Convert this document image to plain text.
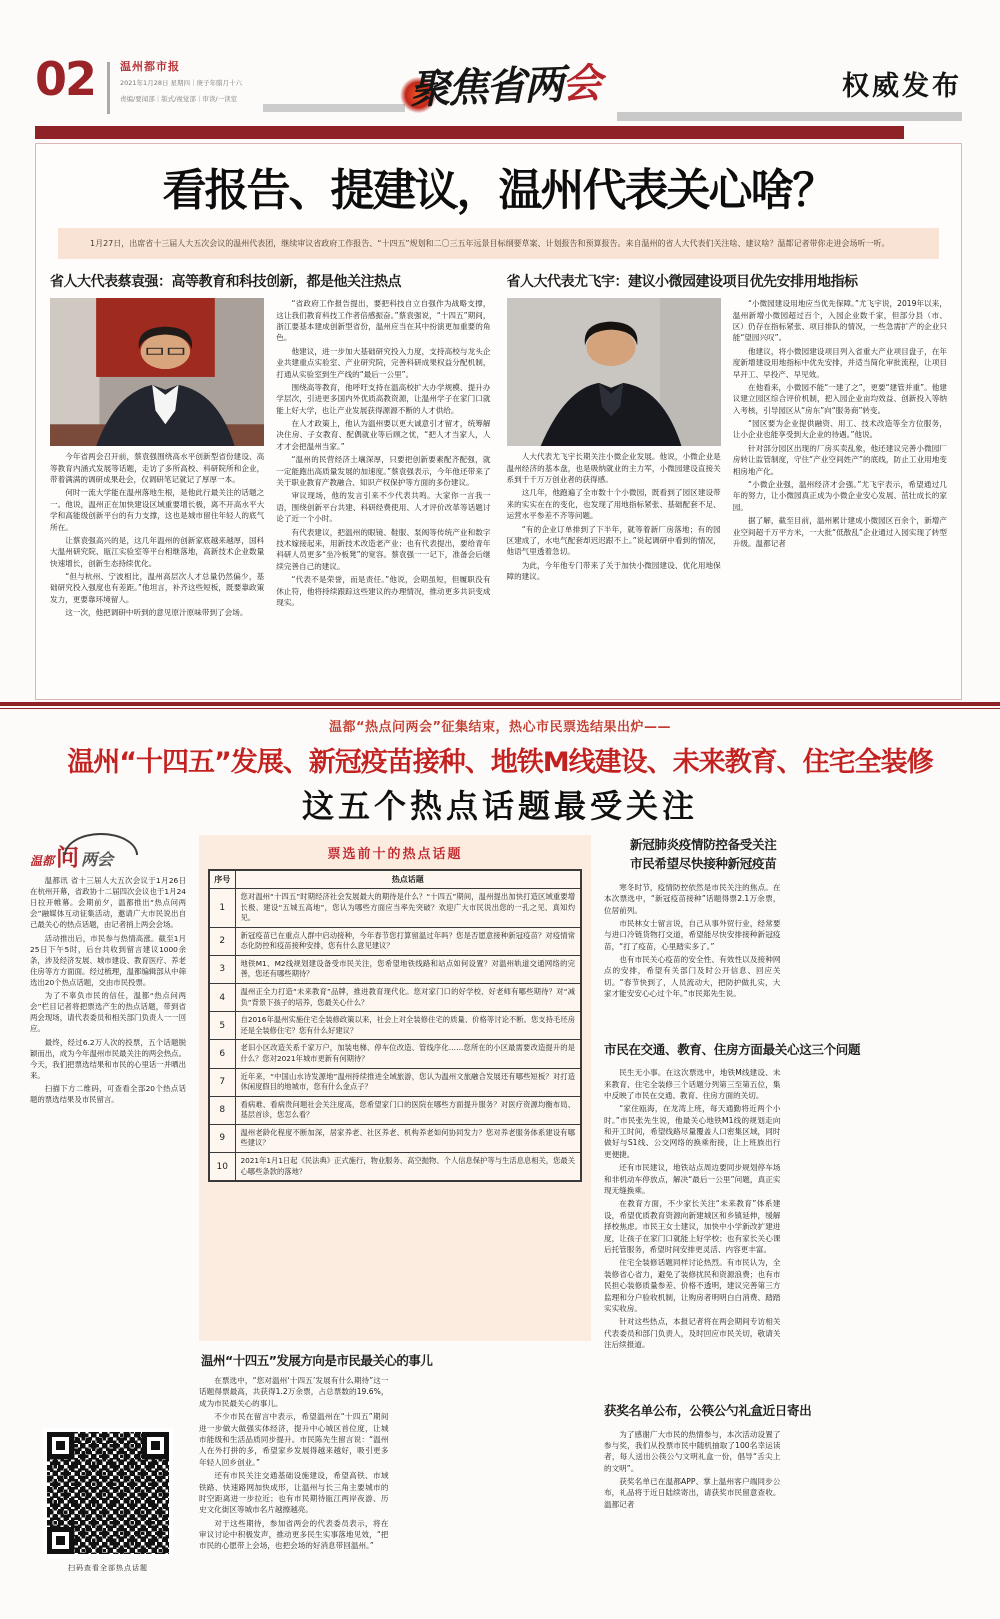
02 温州都市报
2021年1月28日 星期四｜庚子年腊月十六
责编/要闻部｜版式/视觉部｜审读/一读室	权威发布
聚焦省两会
看报告、提建议，温州代表关心啥？
1月27日，出席省十三届人大五次会议的温州代表团，继续审议省政府工作报告、“十四五”规划和二〇三五年远景目标纲要草案、计划报告和预算报告。来自温州的省人大代表们关注啥、建议啥？温都记者带你走进会场听一听。
省人大代表蔡袁强：高等教育和科技创新，都是他关注热点

今年省两会召开前，蔡袁强围绕高水平创新型省份建设、高等教育内涵式发展等话题，走访了多所高校、科研院所和企业，带着满满的调研成果赴会，仅调研笔记就记了厚厚一本。

何时一流大学能在温州落地生根，是他此行最关注的话题之一。他说，温州正在加快建设区域重要增长极，离不开高水平大学和高能级创新平台的有力支撑，这也是城市留住年轻人的底气所在。

让蔡袁强高兴的是，这几年温州的创新家底越来越厚，国科大温州研究院、瓯江实验室等平台相继落地，高新技术企业数量快速增长，创新生态持续优化。

“但与杭州、宁波相比，温州高层次人才总量仍然偏少，基础研究投入强度也有差距。”他坦言，补齐这些短板，既要靠政策发力，更要靠环境留人。

这一次，他把调研中听到的意见原汁原味带到了会场。

“省政府工作报告提出，要把科技自立自强作为战略支撑，这让我们教育科技工作者倍感振奋。”蔡袁强说，“十四五”期间，浙江要基本建成创新型省份，温州应当在其中扮演更加重要的角色。

他建议，进一步加大基础研究投入力度，支持高校与龙头企业共建重点实验室、产业研究院，完善科研成果权益分配机制，打通从实验室到生产线的“最后一公里”。

围绕高等教育，他呼吁支持在温高校扩大办学规模、提升办学层次，引进更多国内外优质高教资源，让温州学子在家门口就能上好大学，也让产业发展获得源源不断的人才供给。

在人才政策上，他认为温州要以更大诚意引才留才，统筹解决住房、子女教育、配偶就业等后顾之忧，“把人才当家人，人才才会把温州当家。”

“温州的民营经济土壤深厚，只要把创新要素配齐配强，就一定能跑出高质量发展的加速度。”蔡袁强表示，今年他还带来了关于职业教育产教融合、知识产权保护等方面的多份建议。

审议现场，他的发言引来不少代表共鸣。大家你一言我一语，围绕创新平台共建、科研经费使用、人才评价改革等话题讨论了近一个小时。

有代表建议，把温州的眼镜、鞋服、泵阀等传统产业和数字技术嫁接起来，用新技术改造老产业；也有代表提出，要给青年科研人员更多“坐冷板凳”的宽容。蔡袁强一一记下，准备会后继续完善自己的建议。

“代表不是荣誉，而是责任。”他说，会期虽短，但履职没有休止符，他将持续跟踪这些建议的办理情况，推动更多共识变成现实。

省人大代表尤飞宇：建议小微园建设项目优先安排用地指标

人大代表尤飞宇长期关注小微企业发展。他说，小微企业是温州经济的基本盘，也是吸纳就业的主力军，小微园建设直接关系到千千万万创业者的获得感。

这几年，他跑遍了全市数十个小微园，既看到了园区建设带来的实实在在的变化，也发现了用地指标紧张、基础配套不足、运营水平参差不齐等问题。

“有的企业订单排到了下半年，就等着新厂房落地；有的园区建成了，水电气配套却迟迟跟不上。”说起调研中看到的情况，他语气里透着急切。

为此，今年他专门带来了关于加快小微园建设、优化用地保障的建议。

“小微园建设用地应当优先保障。”尤飞宇说，2019年以来，温州新增小微园超过百个，入园企业数千家，但部分县（市、区）仍存在指标紧张、项目排队的情况，一些急需扩产的企业只能“望园兴叹”。

他建议，将小微园建设项目列入省重大产业项目盘子，在年度新增建设用地指标中优先安排，并适当简化审批流程，让项目早开工、早投产、早见效。

在他看来，小微园不能“一建了之”，更要“建管并重”。他建议建立园区综合评价机制，把入园企业亩均效益、创新投入等纳入考核，引导园区从“房东”向“服务商”转变。

“园区要为企业提供融资、用工、技术改造等全方位服务，让小企业也能享受到大企业的待遇。”他说。

针对部分园区出现的厂房买卖乱象，他还建议完善小微园厂房转让监管制度，守住“产业空间姓产”的底线，防止工业用地变相房地产化。

“小微企业强，温州经济才会强。”尤飞宇表示，希望通过几年的努力，让小微园真正成为小微企业安心发展、茁壮成长的家园。

据了解，截至目前，温州累计建成小微园区百余个，新增产业空间超千万平方米，一大批“低散乱”企业通过入园实现了转型升级。温都记者

温都“热点问两会”征集结束，热心市民票选结果出炉——
温州“十四五”发展、新冠疫苗接种、地铁M线建设、未来教育、住宅全装修
这五个热点话题最受关注
温都 问 两会

温都讯 省十三届人大五次会议于1月26日在杭州开幕，省政协十二届四次会议也于1月24日拉开帷幕。会期前夕，温都推出“热点问两会”融媒体互动征集活动，邀请广大市民说出自己最关心的热点话题，由记者捎上两会会场。

活动推出后，市民参与热情高涨。截至1月25日下午5时，后台共收到留言建议1000余条，涉及经济发展、城市建设、教育医疗、养老住房等方方面面。经过梳理，温都编辑部从中筛选出20个热点话题，交由市民投票。

为了不辜负市民的信任，温都“热点问两会”栏目记者将把票选产生的热点话题，带到省两会现场，请代表委员和相关部门负责人一一回应。

最终，经过6.2万人次的投票，五个话题脱颖而出，成为今年温州市民最关注的两会热点。今天，我们把票选结果和市民的心里话一并晒出来。

扫描下方二维码，可查看全部20个热点话题的票选结果及市民留言。

扫码查看全部热点话题
票选前十的热点话题
序号	热点话题
1	您对温州“十四五”时期经济社会发展最大的期待是什么？“十四五”期间，温州提出加快打造区域重要增长极、建设“五城五高地”，您认为哪些方面应当率先突破？欢迎广大市民说出您的一孔之见、真知灼见。
2	新冠疫苗已在重点人群中启动接种，今年春节您打算留温过年吗？您是否愿意接种新冠疫苗？对疫情常态化防控和疫苗接种安排，您有什么意见建议？
3	地铁M1、M2线规划建设备受市民关注，您希望地铁线路和站点如何设置？对温州轨道交通网络的完善，您还有哪些期待？
4	温州正全力打造“未来教育”品牌，推进教育现代化。您对家门口的好学校、好老师有哪些期待？对“减负”背景下孩子的培养，您最关心什么？
5	自2016年温州实施住宅全装修政策以来，社会上对全装修住宅的质量、价格等讨论不断。您支持毛坯房还是全装修住宅？您有什么好建议？
6	老旧小区改造关系千家万户，加装电梯、停车位改造、管线序化……您所在的小区最需要改造提升的是什么？您对2021年城市更新有何期待？
7	近年来，“中国山水诗发源地”温州持续推进全域旅游，您认为温州文旅融合发展还有哪些短板？对打造休闲度假目的地城市，您有什么金点子？
8	看病难、看病贵问题社会关注度高，您希望家门口的医院在哪些方面提升服务？对医疗资源均衡布局、基层首诊，您怎么看？
9	温州老龄化程度不断加深，居家养老、社区养老、机构养老如何协同发力？您对养老服务体系建设有哪些建议？
10	2021年1月1日起《民法典》正式施行，物业服务、高空抛物、个人信息保护等与生活息息相关，您最关心哪些条款的落地？
温州“十四五”发展方向是市民最关心的事儿

在票选中，“您对温州‘十四五’发展有什么期待”这一话题得票最高，共获得1.2万余票，占总票数的19.6%，成为市民最关心的事儿。

不少市民在留言中表示，希望温州在“十四五”期间进一步做大做强实体经济，提升中心城区首位度，让城市能级和生活品质同步提升。市民陈先生留言说：“温州人在外打拼的多，希望家乡发展得越来越好，吸引更多年轻人回乡创业。”

还有市民关注交通基础设施建设，希望高铁、市域铁路、快速路网加快成形，让温州与长三角主要城市的时空距离进一步拉近；也有市民期待瓯江两岸夜游、历史文化街区等城市名片越擦越亮。

对于这些期待，参加省两会的代表委员表示，将在审议讨论中积极发声，推动更多民生实事落地见效，“把市民的心愿带上会场，也把会场的好消息带回温州。”

新冠肺炎疫情防控备受关注
市民希望尽快接种新冠疫苗

寒冬时节，疫情防控依然是市民关注的焦点。在本次票选中，“新冠疫苗接种”话题得票2.1万余票，位居前列。

市民林女士留言说，自己从事外贸行业，经常要与进口冷链货物打交道，希望能尽快安排接种新冠疫苗，“打了疫苗，心里踏实多了。”

也有市民关心疫苗的安全性、有效性以及接种网点的安排，希望有关部门及时公开信息、回应关切。“春节快到了，人员流动大，把防护做扎实，大家才能安安心心过个年。”市民郑先生说。

市民在交通、教育、住房方面最关心这三个问题

民生无小事。在这次票选中，地铁M线建设、未来教育、住宅全装修三个话题分列第三至第五位，集中反映了市民在交通、教育、住房方面的关切。

“家住瓯海，在龙湾上班，每天通勤将近两个小时。”市民张先生说，他最关心地铁M1线的规划走向和开工时间，希望线路尽量覆盖人口密集区域，同时做好与S1线、公交网络的换乘衔接，让上班族出行更便捷。

还有市民建议，地铁站点周边要同步规划停车场和非机动车停放点，解决“最后一公里”问题，真正实现无缝换乘。

在教育方面，不少家长关注“未来教育”体系建设，希望优质教育资源向新建城区和乡镇延伸，缓解择校焦虑。市民王女士建议，加快中小学新改扩建进度，让孩子在家门口就能上好学校；也有家长关心课后托管服务，希望时间安排更灵活、内容更丰富。

住宅全装修话题同样讨论热烈。有市民认为，全装修省心省力，避免了装修扰民和资源浪费；也有市民担心装修质量参差、价格不透明，建议完善第三方监理和分户验收机制，让购房者明明白白消费、踏踏实实收房。

针对这些热点，本报记者将在两会期间专访相关代表委员和部门负责人，及时回应市民关切，敬请关注后续报道。

获奖名单公布，公筷公勺礼盒近日寄出

为了感谢广大市民的热情参与，本次活动设置了参与奖，我们从投票市民中随机抽取了100名幸运读者，每人送出公筷公勺文明礼盒一份，倡导“舌尖上的文明”。

获奖名单已在温都APP、掌上温州客户端同步公布，礼品将于近日陆续寄出，请获奖市民留意查收。 温都记者
